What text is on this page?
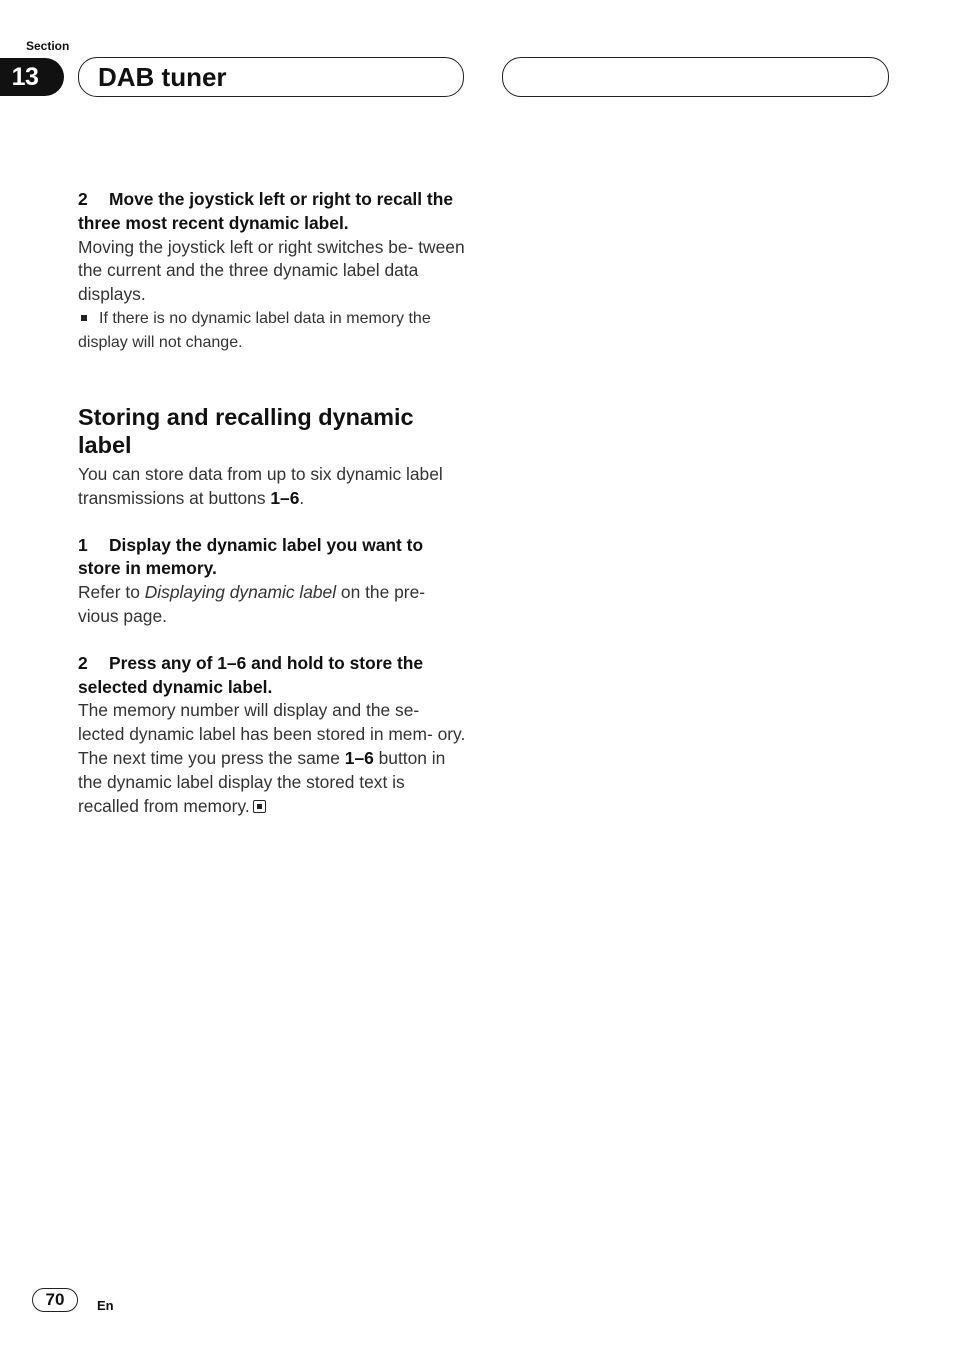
Section
13 DAB tuner

2 Move the joystick left or right to recall the three most recent dynamic label.

Moving the joystick left or right switches be- tween the current and the three dynamic label data displays.

If there is no dynamic label data in memory the display will not change.

Storing and recalling dynamic label

You can store data from up to six dynamic label transmissions at buttons 1–6.

1 Display the dynamic label you want to store in memory.

Refer to Displaying dynamic label on the pre- vious page.

2 Press any of 1–6 and hold to store the selected dynamic label.

The memory number will display and the se- lected dynamic label has been stored in mem- ory.

The next time you press the same 1–6 button in the dynamic label display the stored text is recalled from memory.

70	En
